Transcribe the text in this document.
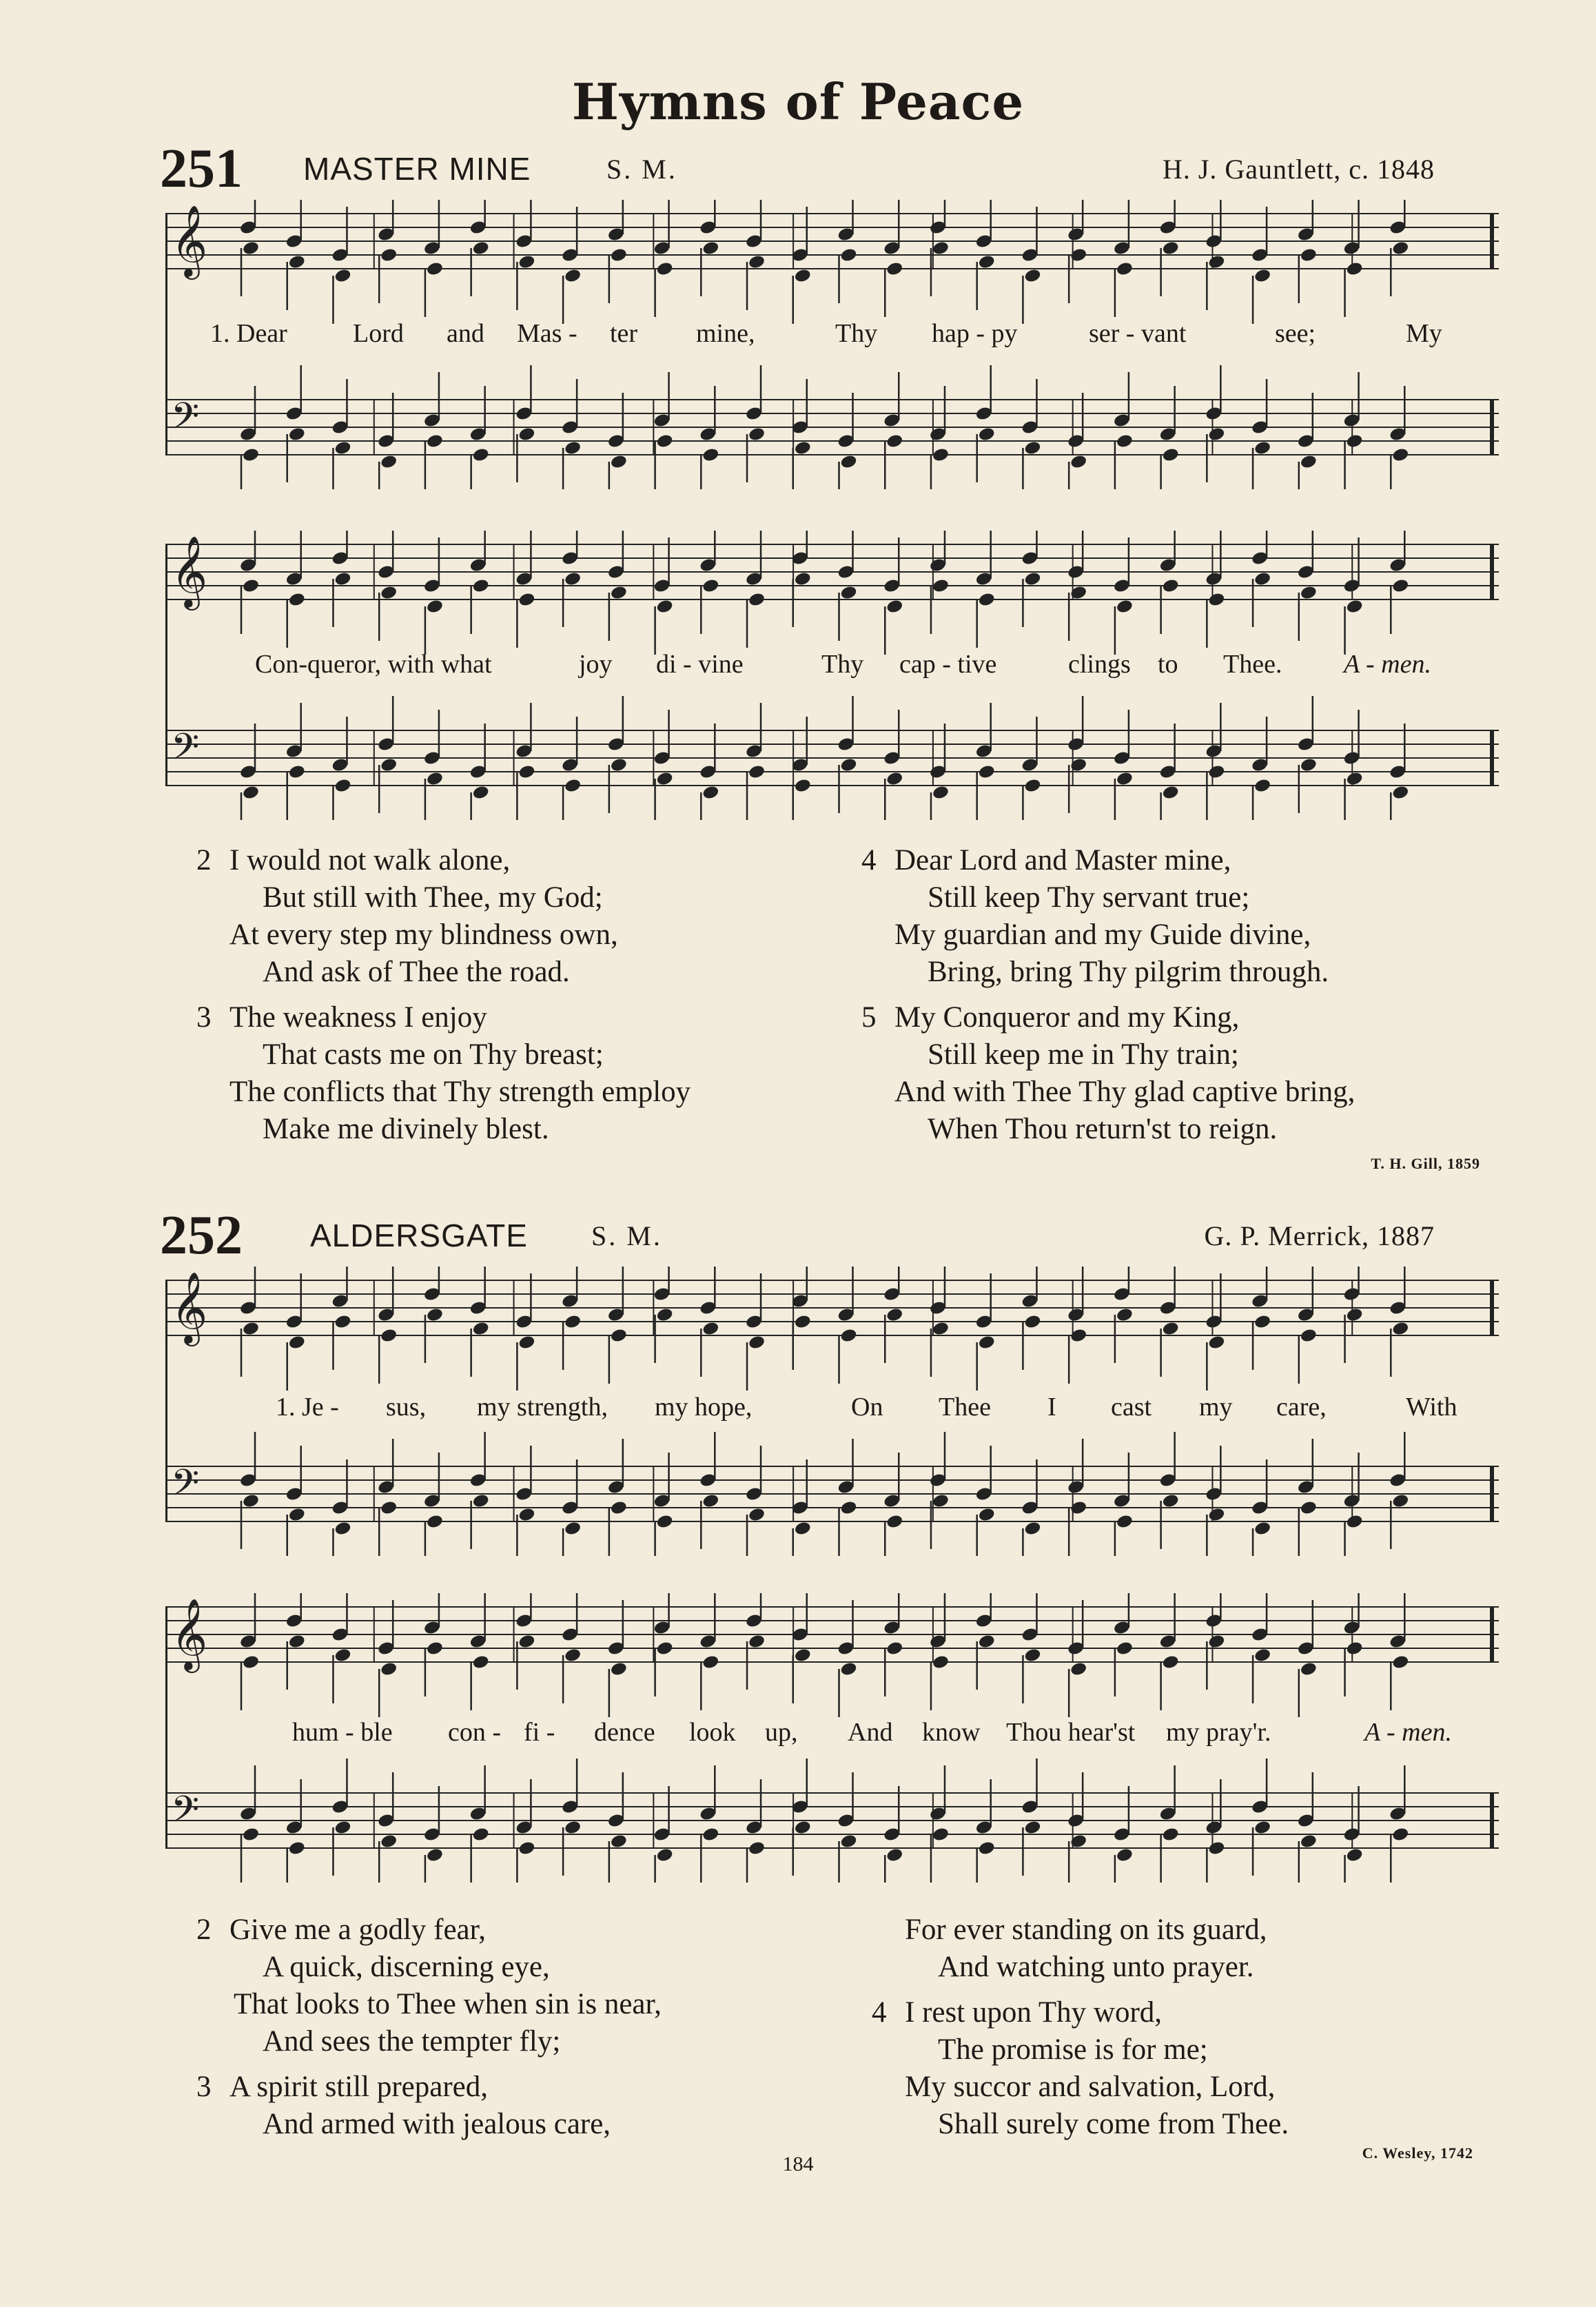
Hymns of Peace
251 MASTER MINE	S. M.	H. J. Gauntlett, c. 1848
𝄞
𝄢
1. Dear	Lord and Mas - ter mine,	Thy hap - py	ser - vant	see;	My
𝄞
𝄢
Con-queror, with what	joy di - vine	Thy cap - tive	clings to Thee. A - men.
2 I would not walk alone,
But still with Thee, my God;
At every step my blindness own,
And ask of Thee the road.
3 The weakness I enjoy
That casts me on Thy breast;
The conflicts that Thy strength employ
Make me divinely blest.
4 Dear Lord and Master mine,
Still keep Thy servant true;
My guardian and my Guide divine,
Bring, bring Thy pilgrim through.
5 My Conqueror and my King,
Still keep me in Thy train;
And with Thee Thy glad captive bring,
When Thou return'st to reign.
T. H. Gill, 1859
252 ALDERSGATE S. M.	G. P. Merrick, 1887
𝄞
𝄢
1. Je - sus, my strength, my hope,	On Thee I cast my care,	With
𝄞
𝄢
hum - ble con - fi - dence look up, And know Thou hear'st my pray'r.	A - men.
2 Give me a godly fear,
A quick, discerning eye,
That looks to Thee when sin is near,
And sees the tempter fly;
3 A spirit still prepared,
And armed with jealous care,
For ever standing on its guard,
And watching unto prayer.
4 I rest upon Thy word,
The promise is for me;
My succor and salvation, Lord,
Shall surely come from Thee.
C. Wesley, 1742
184
